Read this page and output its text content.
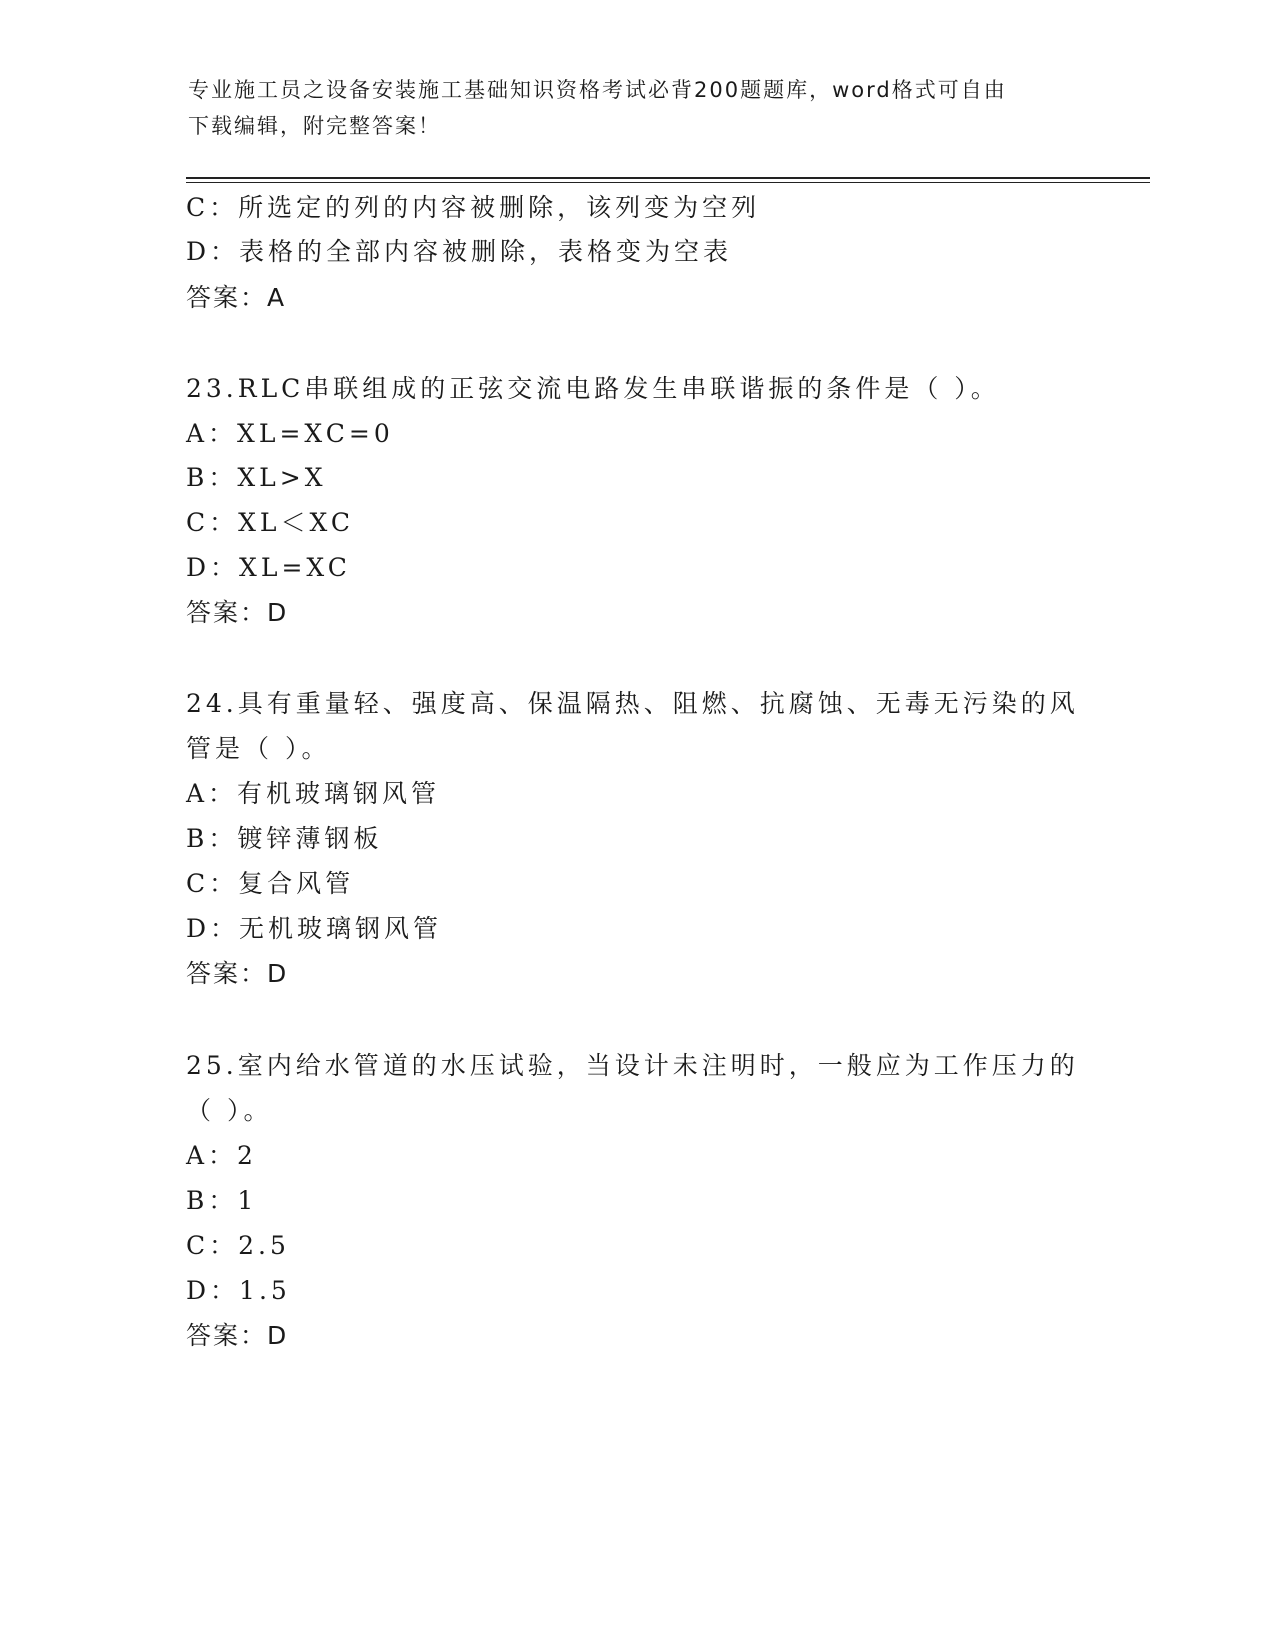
专业施工员之设备安装施工基础知识资格考试必背200题题库，word格式可自由
下载编辑，附完整答案！
C：所选定的列的内容被删除，该列变为空列
D：表格的全部内容被删除，表格变为空表
答案：A
23.RLC串联组成的正弦交流电路发生串联谐振的条件是（ ）。
A：XL=XC=0
B：XL>X
C：XL＜XC
D：XL=XC
答案：D
24.具有重量轻、强度高、保温隔热、阻燃、抗腐蚀、无毒无污染的风
管是（ ）。
A：有机玻璃钢风管
B：镀锌薄钢板
C：复合风管
D：无机玻璃钢风管
答案：D
25.室内给水管道的水压试验，当设计未注明时，一般应为工作压力的
（ ）。
A：2
B：1
C：2.5
D：1.5
答案：D
